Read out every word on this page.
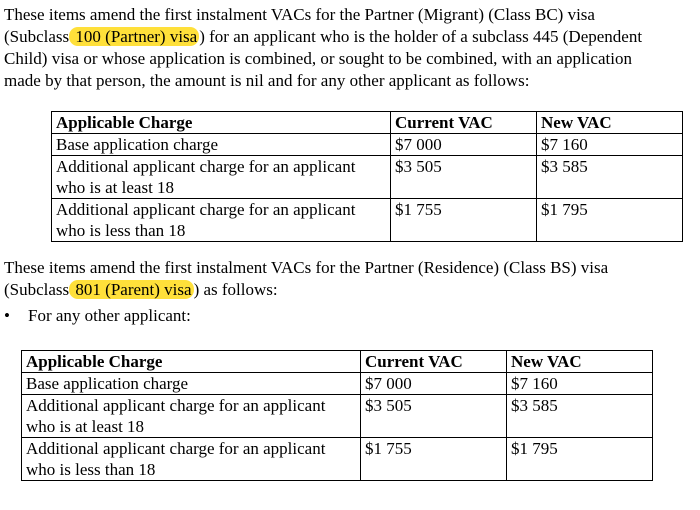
These items amend the first instalment VACs for the Partner (Migrant) (Class BC) visa
(Subclass 100 (Partner) visa ) for an applicant who is the holder of a subclass 445 (Dependent
Child) visa or whose application is combined, or sought to be combined, with an application
made by that person, the amount is nil and for any other applicant as follows:
Applicable Charge	Current VAC	New VAC
Base application charge	$7 000	$7 160

Additional applicant charge for an applicant
who is at least 18	$3 505	$3 585

Additional applicant charge for an applicant
who is less than 18	$1 755	$1 795
These items amend the first instalment VACs for the Partner (Residence) (Class BS) visa
(Subclass 801 (Parent) visa ) as follows:
• For any other applicant:
Applicable Charge	Current VAC	New VAC
Base application charge	$7 000	$7 160

Additional applicant charge for an applicant
who is at least 18	$3 505	$3 585

Additional applicant charge for an applicant
who is less than 18	$1 755	$1 795
